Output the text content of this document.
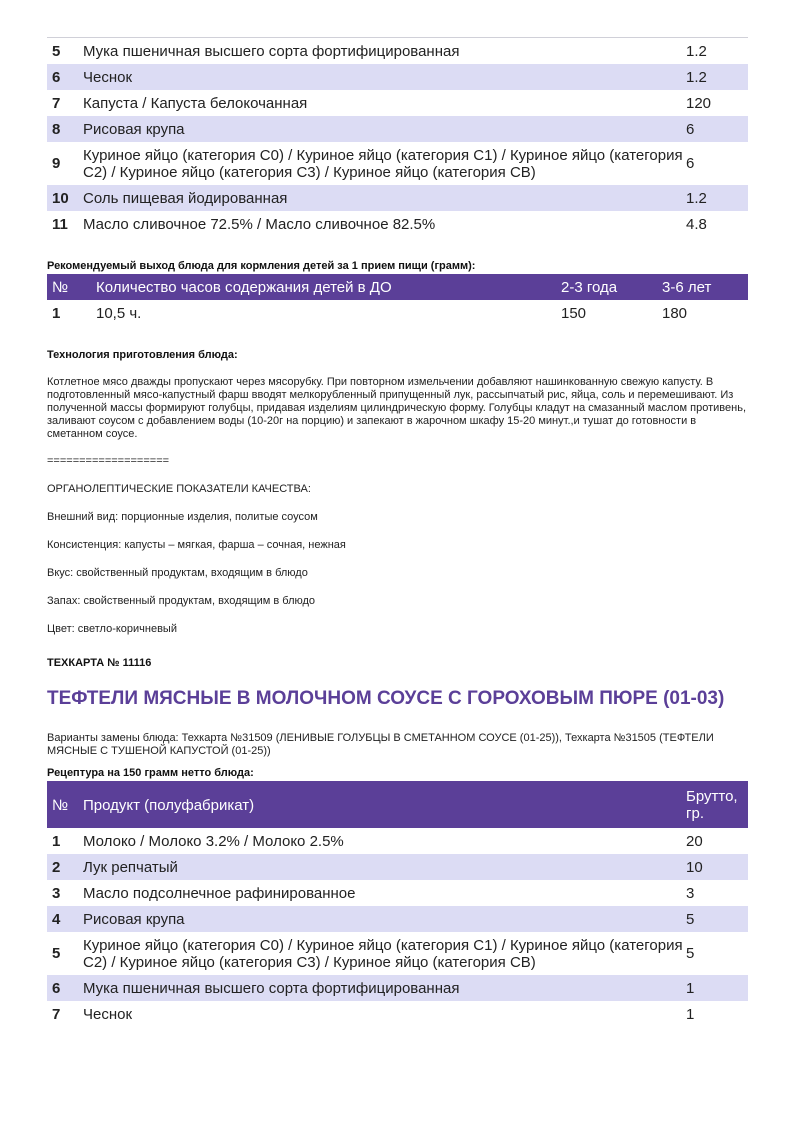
5	Мука пшеничная высшего сорта фортифицированная	1.2
6	Чеснок	1.2
7	Капуста / Капуста белокочанная	120
8	Рисовая крупа	6
9	Куриное яйцо (категория С0) / Куриное яйцо (категория С1) / Куриное яйцо (категория С2) / Куриное яйцо (категория С3) / Куриное яйцо (категория СВ)	6
10	Соль пищевая йодированная	1.2
11	Масло сливочное 72.5% / Масло сливочное 82.5%	4.8

Рекомендуемый выход блюда для кормления детей за 1 прием пищи (грамм):

№	Количество часов содержания детей в ДО	2-3 года	3-6 лет
1	10,5 ч.	150	180

Технология приготовления блюда:

Котлетное мясо дважды пропускают через мясорубку. При повторном измельчении добавляют нашинкованную свежую капусту. В подготовленный мясо-капустный фарш вводят мелкорубленный припущенный лук, рассыпчатый рис, яйца, соль и перемешивают. Из полученной массы формируют голубцы, придавая изделиям цилиндрическую форму. Голубцы кладут на смазанный маслом противень, заливают соусом с добавлением воды (10-20г на порцию) и запекают в жарочном шкафу 15-20 минут.,и тушат до готовности в сметанном соусе.

===================

ОРГАНОЛЕПТИЧЕСКИЕ ПОКАЗАТЕЛИ КАЧЕСТВА:

Внешний вид: порционные изделия, политые соусом

Консистенция: капусты – мягкая, фарша – сочная, нежная

Вкус: свойственный продуктам, входящим в блюдо

Запах: свойственный продуктам, входящим в блюдо

Цвет: светло-коричневый

ТЕХКАРТА № 11116

ТЕФТЕЛИ МЯСНЫЕ В МОЛОЧНОМ СОУСЕ С ГОРОХОВЫМ ПЮРЕ (01-03)

Варианты замены блюда: Техкарта №31509 (ЛЕНИВЫЕ ГОЛУБЦЫ В СМЕТАННОМ СОУСЕ (01-25)), Техкарта №31505 (ТЕФТЕЛИ МЯСНЫЕ С ТУШЕНОЙ КАПУСТОЙ (01-25))

Рецептура на 150 грамм нетто блюда:

№	Продукт (полуфабрикат)	Брутто, гр.
1	Молоко / Молоко 3.2% / Молоко 2.5%	20
2	Лук репчатый	10
3	Масло подсолнечное рафинированное	3
4	Рисовая крупа	5
5	Куриное яйцо (категория С0) / Куриное яйцо (категория С1) / Куриное яйцо (категория С2) / Куриное яйцо (категория С3) / Куриное яйцо (категория СВ)	5
6	Мука пшеничная высшего сорта фортифицированная	1
7	Чеснок	1
